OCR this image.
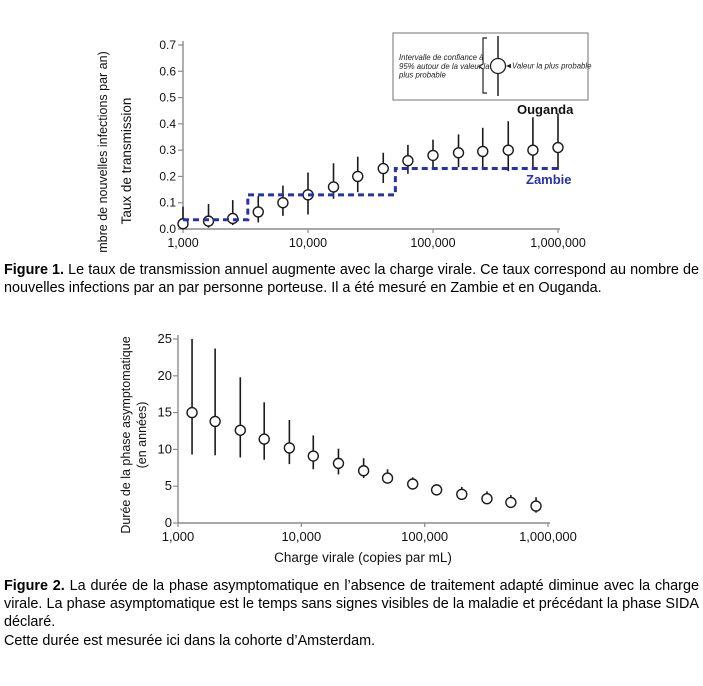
0.0
0.1
0.2
0.3
0.4
0.5
0.6
0.7
1,000	10,000	100,000	1,000,000
Taux de transmission
mbre de nouvelles infections par an)	Ouganda
Zambie
Intervalle de confiance à
95% autour de la valeur la
plus probable
Valeur la plus probable

Figure 1. Le taux de transmission annuel augmente avec la charge virale. Ce taux correspond au nombre de nouvelles infections par an par personne porteuse. Il a été mesuré en Zambie et en Ouganda.

0
5
10
15
20
25
1,000	10,000	100,000	1,000,000
Durée de la phase asymptomatique (en années)
Charge virale (copies par mL)

Figure 2. La durée de la phase asymptomatique en l’absence de traitement adapté diminue avec la charge virale. La phase asymptomatique est le temps sans signes visibles de la maladie et précédant la phase SIDA déclaré.
Cette durée est mesurée ici dans la cohorte d’Amsterdam.
